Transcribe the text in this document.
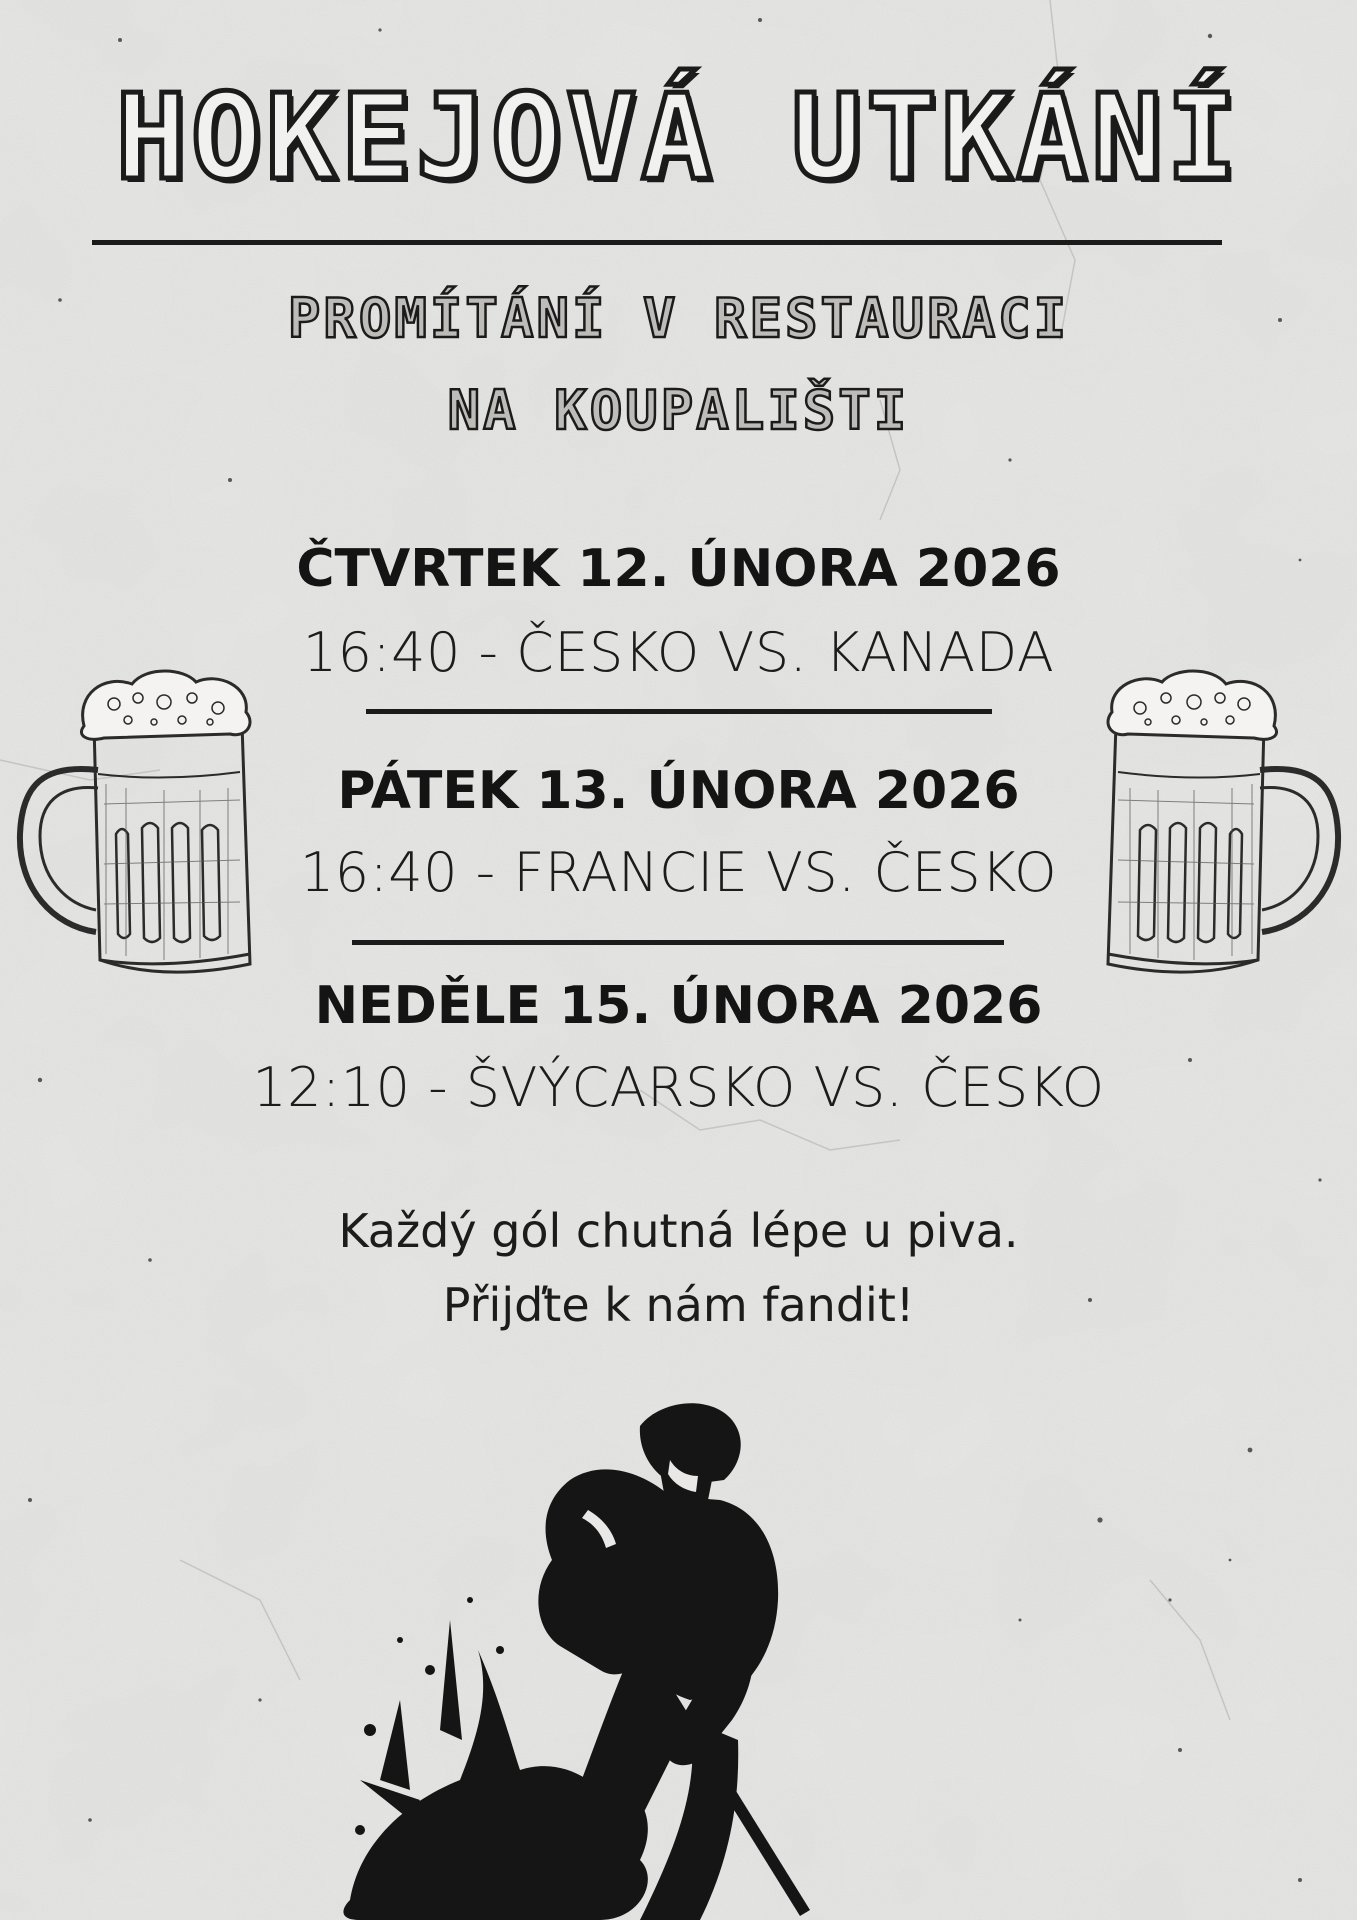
HOKEJOVÁ UTKÁNÍ
PROMÍTÁNÍ V RESTAURACI
NA KOUPALIŠTI
ČTVRTEK 12. ÚNORA 2026
16:40 - ČESKO VS. KANADA
PÁTEK 13. ÚNORA 2026
16:40 - FRANCIE VS. ČESKO
NEDĚLE 15. ÚNORA 2026
12:10 - ŠVÝCARSKO VS. ČESKO
Každý gól chutná lépe u piva.
Přijďte k nám fandit!
